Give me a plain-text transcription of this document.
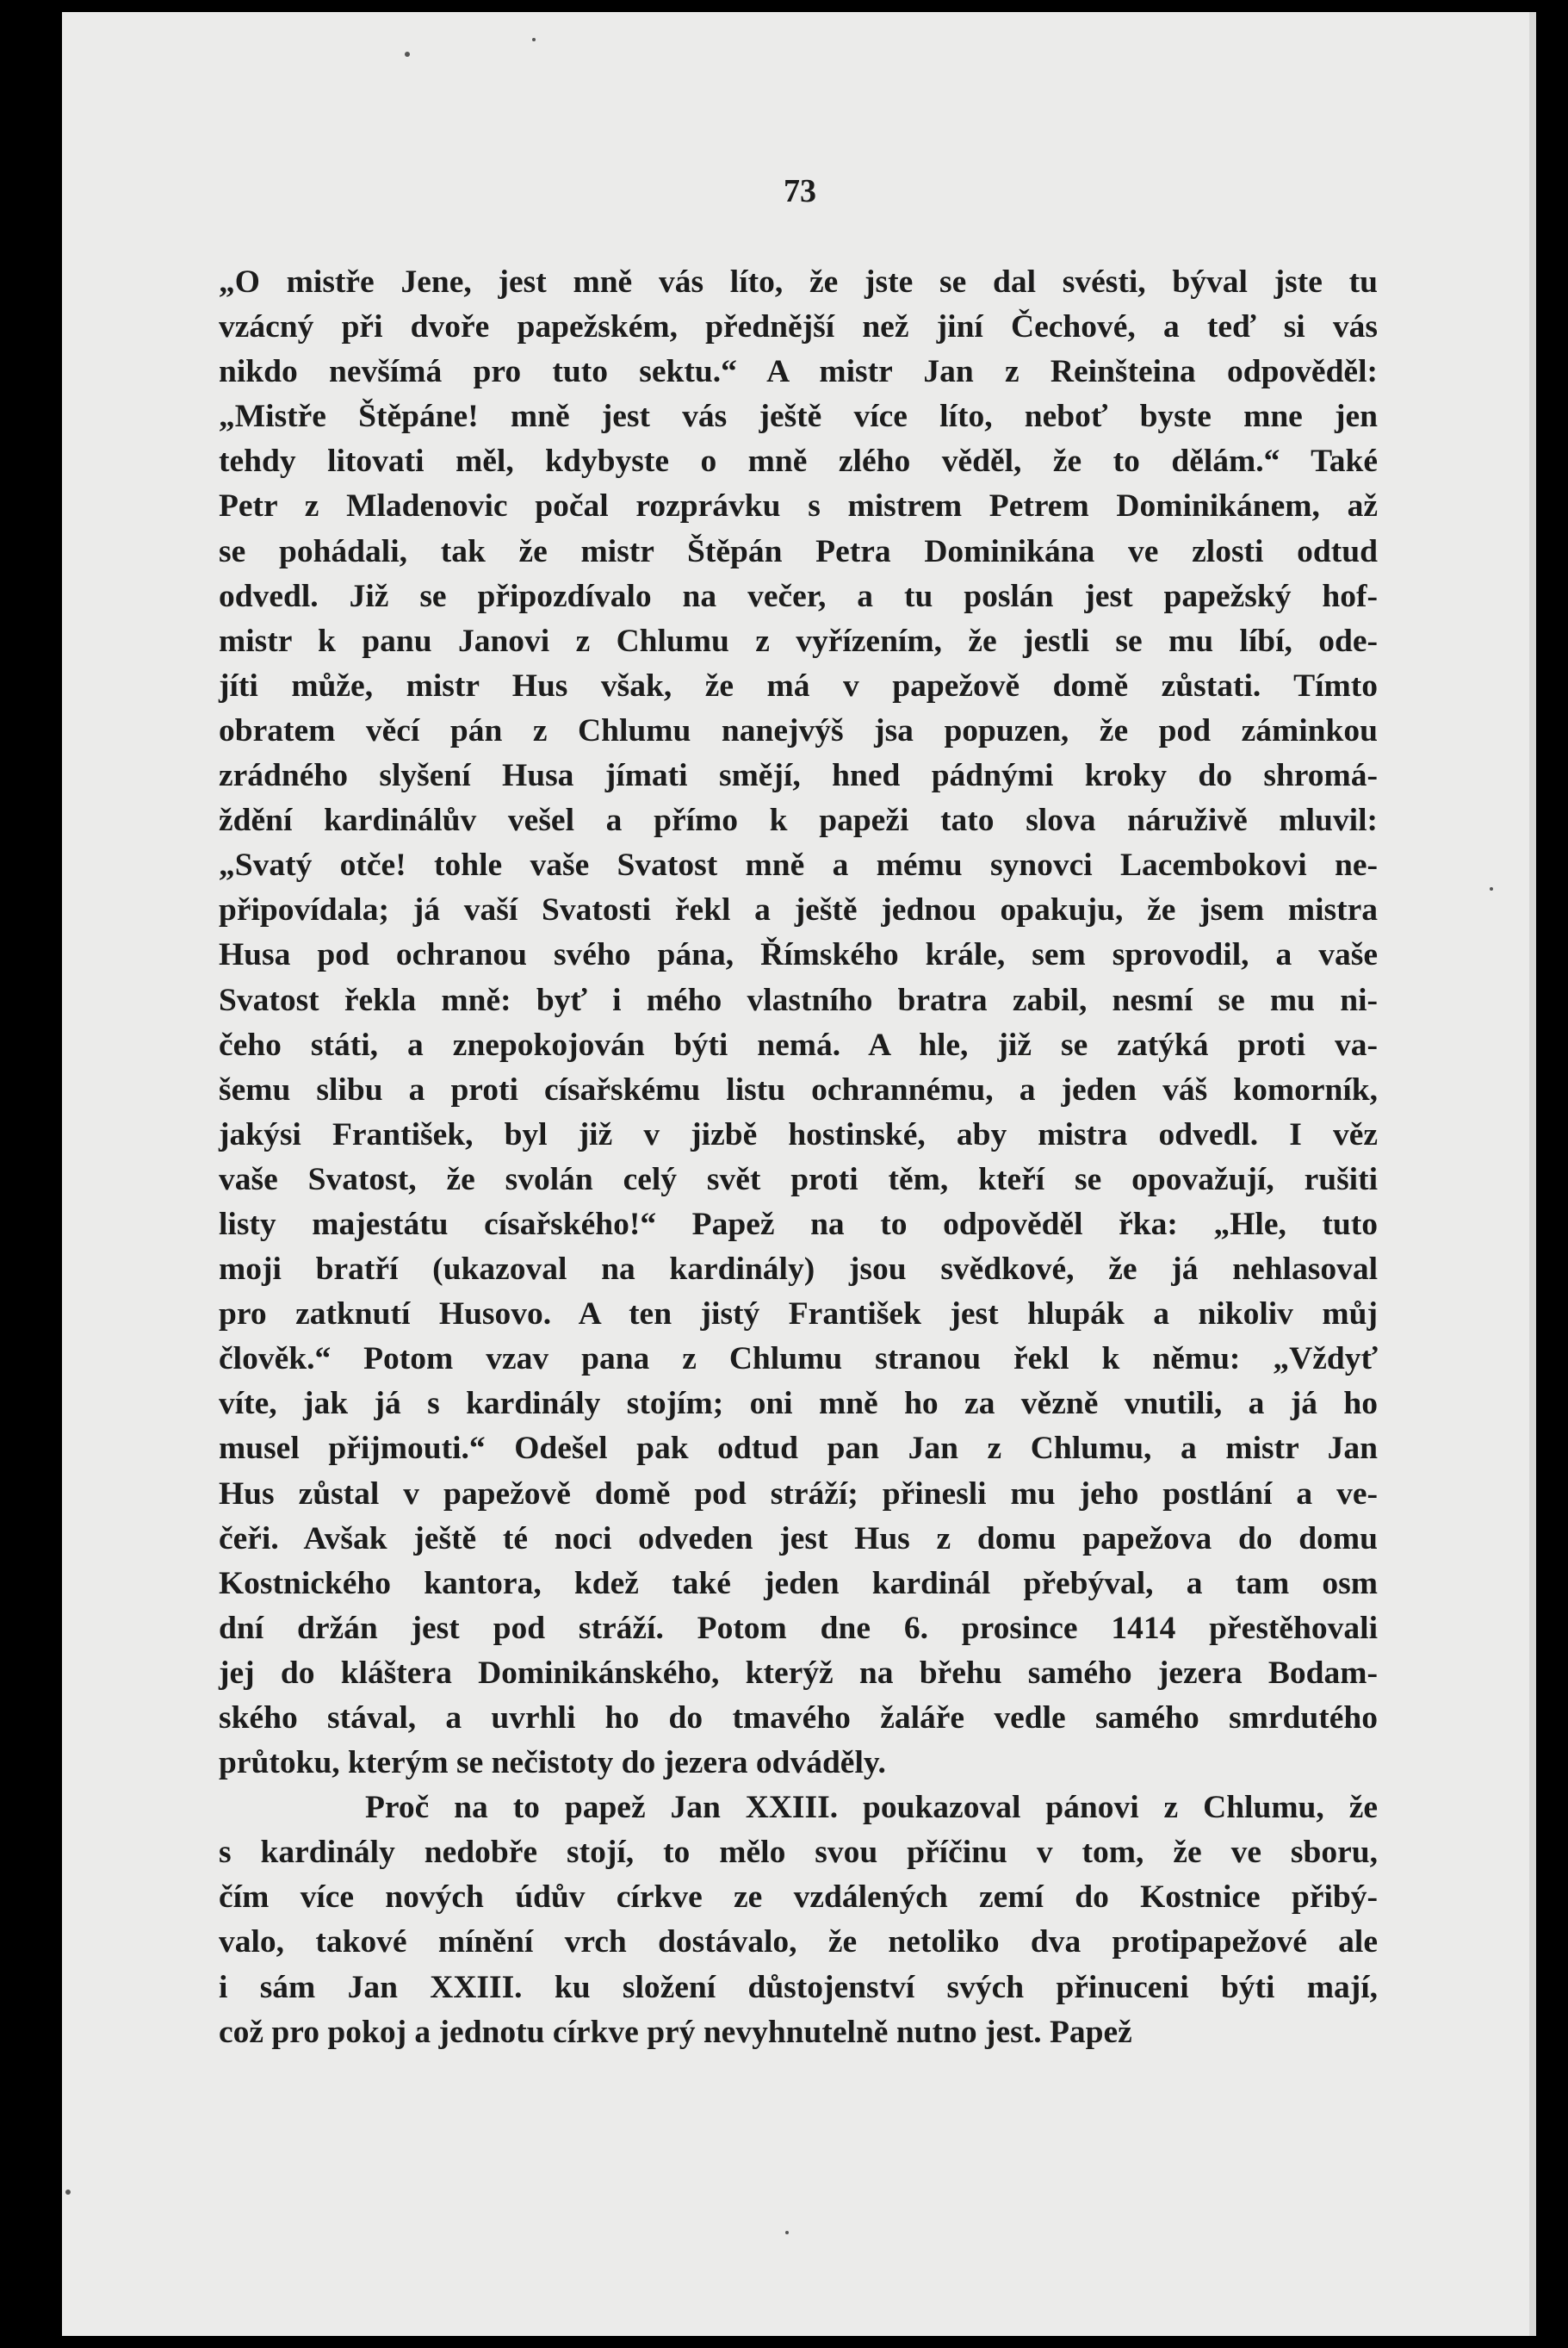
73
„O mistře Jene, jest mně vás líto, že jste se dal svésti, býval jste tu
vzácný při dvoře papežském, přednější než jiní Čechové, a teď si vás
nikdo nevšímá pro tuto sektu.“ A mistr Jan z Reinšteina odpověděl:
„Mistře Štěpáne! mně jest vás ještě více líto, neboť byste mne jen
tehdy litovati měl, kdybyste o mně zlého věděl, že to dělám.“ Také
Petr z Mladenovic počal rozprávku s mistrem Petrem Dominikánem, až
se pohádali, tak že mistr Štěpán Petra Dominikána ve zlosti odtud
odvedl. Již se připozdívalo na večer, a tu poslán jest papežský hof-
mistr k panu Janovi z Chlumu z vyřízením, že jestli se mu líbí, ode-
jíti může, mistr Hus však, že má v papežově domě zůstati. Tímto
obratem věcí pán z Chlumu nanejvýš jsa popuzen, že pod záminkou
zrádného slyšení Husa jímati smějí, hned pádnými kroky do shromá-
ždění kardinálův vešel a přímo k papeži tato slova náruživě mluvil:
„Svatý otče! tohle vaše Svatost mně a mému synovci Lacembokovi ne-
připovídala; já vaší Svatosti řekl a ještě jednou opakuju, že jsem mistra
Husa pod ochranou svého pána, Římského krále, sem sprovodil, a vaše
Svatost řekla mně: byť i mého vlastního bratra zabil, nesmí se mu ni-
čeho státi, a znepokojován býti nemá. A hle, již se zatýká proti va-
šemu slibu a proti císařskému listu ochrannému, a jeden váš komorník,
jakýsi František, byl již v jizbě hostinské, aby mistra odvedl. I věz
vaše Svatost, že svolán celý svět proti těm, kteří se opovažují, rušiti
listy majestátu císařského!“ Papež na to odpověděl řka: „Hle, tuto
moji bratří (ukazoval na kardinály) jsou svědkové, že já nehlasoval
pro zatknutí Husovo. A ten jistý František jest hlupák a nikoliv můj
člověk.“ Potom vzav pana z Chlumu stranou řekl k němu: „Vždyť
víte, jak já s kardinály stojím; oni mně ho za vězně vnutili, a já ho
musel přijmouti.“ Odešel pak odtud pan Jan z Chlumu, a mistr Jan
Hus zůstal v papežově domě pod stráží; přinesli mu jeho postlání a ve-
čeři. Avšak ještě té noci odveden jest Hus z domu papežova do domu
Kostnického kantora, kdež také jeden kardinál přebýval, a tam osm
dní držán jest pod stráží. Potom dne 6. prosince 1414 přestěhovali
jej do kláštera Dominikánského, kterýž na břehu samého jezera Bodam-
ského stával, a uvrhli ho do tmavého žaláře vedle samého smrdutého
průtoku, kterým se nečistoty do jezera odváděly.
Proč na to papež Jan XXIII. poukazoval pánovi z Chlumu, že
s kardinály nedobře stojí, to mělo svou příčinu v tom, že ve sboru,
čím více nových údův církve ze vzdálených zemí do Kostnice přibý-
valo, takové mínění vrch dostávalo, že netoliko dva protipapežové ale
i sám Jan XXIII. ku složení důstojenství svých přinuceni býti mají,
což pro pokoj a jednotu církve prý nevyhnutelně nutno jest. Papež
